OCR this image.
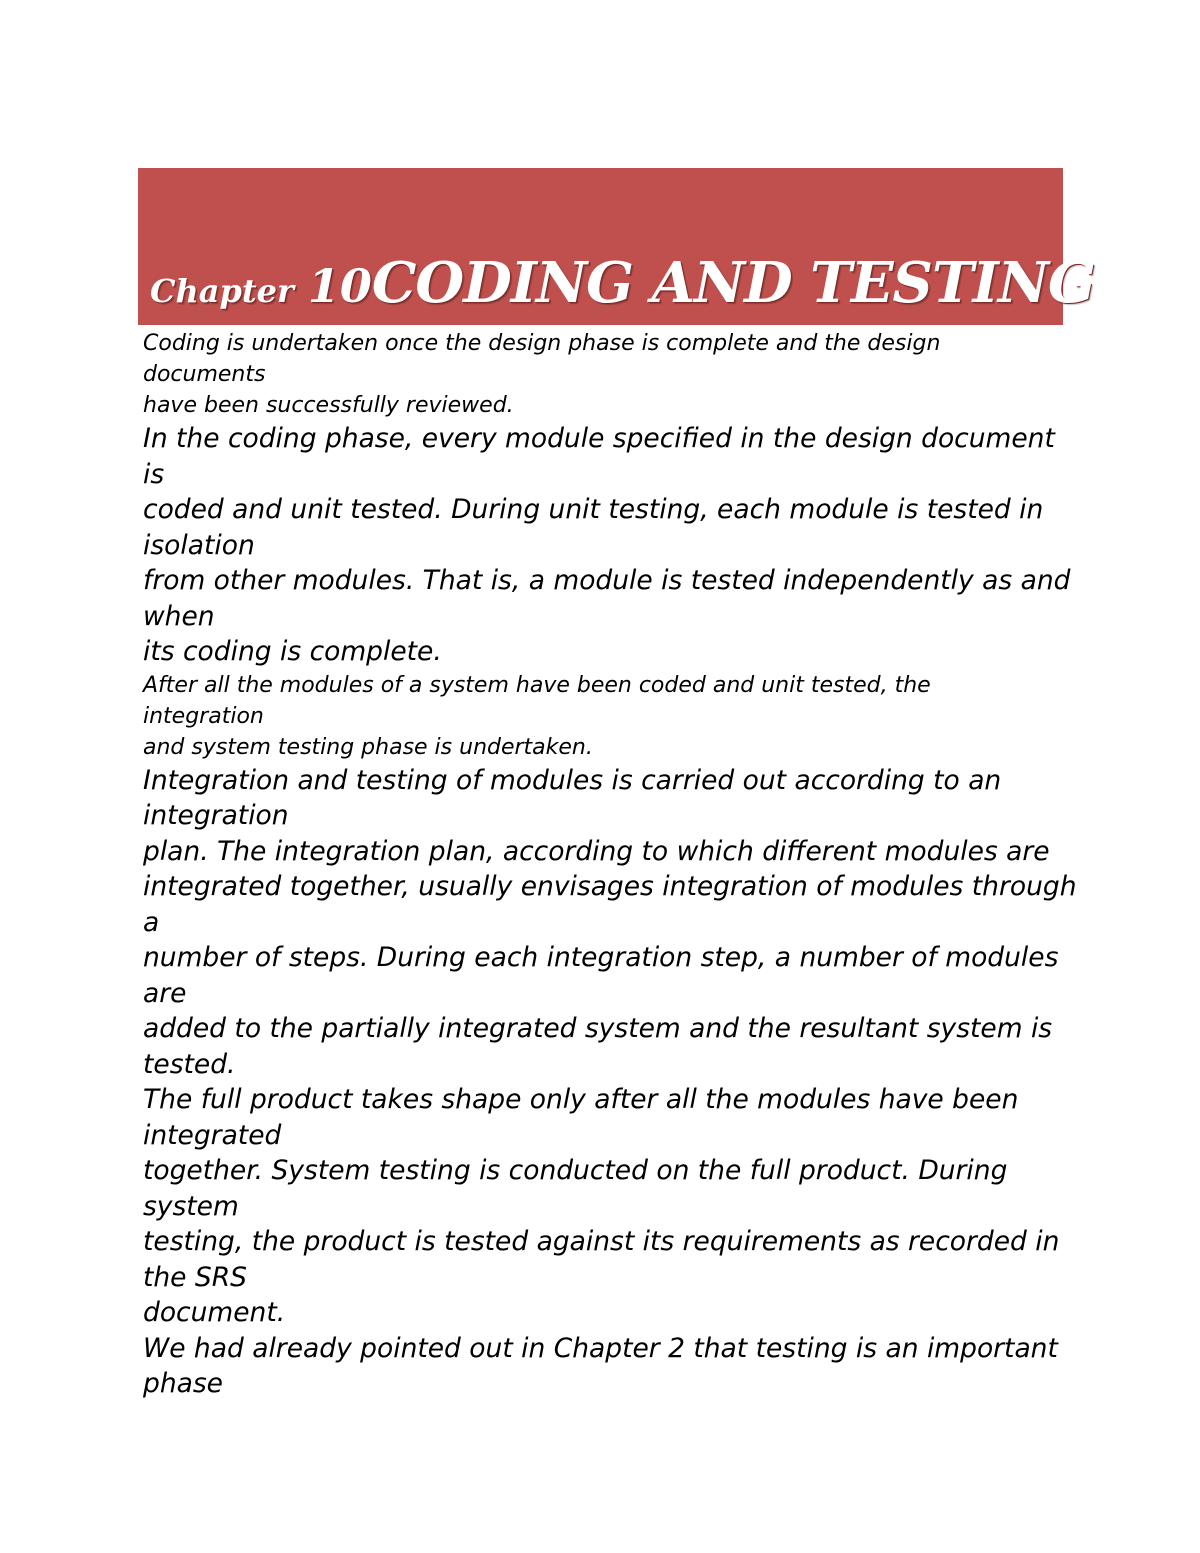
Chapter 10CODING AND TESTING
Coding is undertaken once the design phase is complete and the design
documents
have been successfully reviewed.
In the coding phase, every module specified in the design document
is
coded and unit tested. During unit testing, each module is tested in
isolation
from other modules. That is, a module is tested independently as and
when
its coding is complete.
After all the modules of a system have been coded and unit tested, the
integration
and system testing phase is undertaken.
Integration and testing of modules is carried out according to an
integration
plan. The integration plan, according to which different modules are
integrated together, usually envisages integration of modules through
a
number of steps. During each integration step, a number of modules
are
added to the partially integrated system and the resultant system is
tested.
The full product takes shape only after all the modules have been
integrated
together. System testing is conducted on the full product. During
system
testing, the product is tested against its requirements as recorded in
the SRS
document.
We had already pointed out in Chapter 2 that testing is an important
phase
